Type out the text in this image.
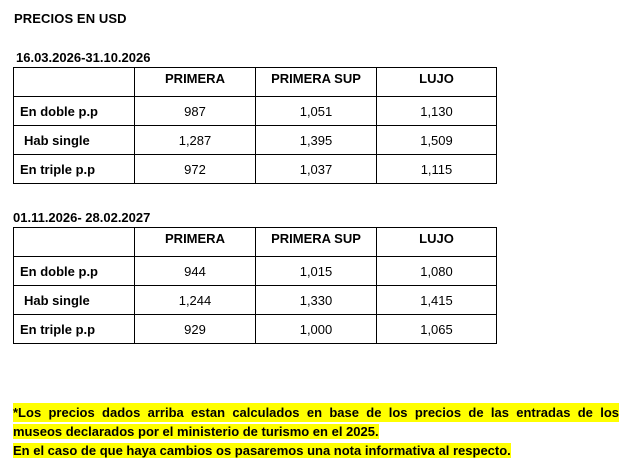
PRECIOS EN USD
16.03.2026-31.10.2026
	PRIMERA	PRIMERA SUP	LUJO
En doble p.p	987	1,051	1,130
Hab single	1,287	1,395	1,509
En triple p.p	972	1,037	1,115
01.11.2026- 28.02.2027
	PRIMERA	PRIMERA SUP	LUJO
En doble p.p	944	1,015	1,080
Hab single	1,244	1,330	1,415
En triple p.p	929	1,000	1,065
*Los precios dados arriba estan calculados en base de los precios de las entradas de los
museos declarados por el ministerio de turismo en el 2025.
En el caso de que haya cambios os pasaremos una nota informativa al respecto.
